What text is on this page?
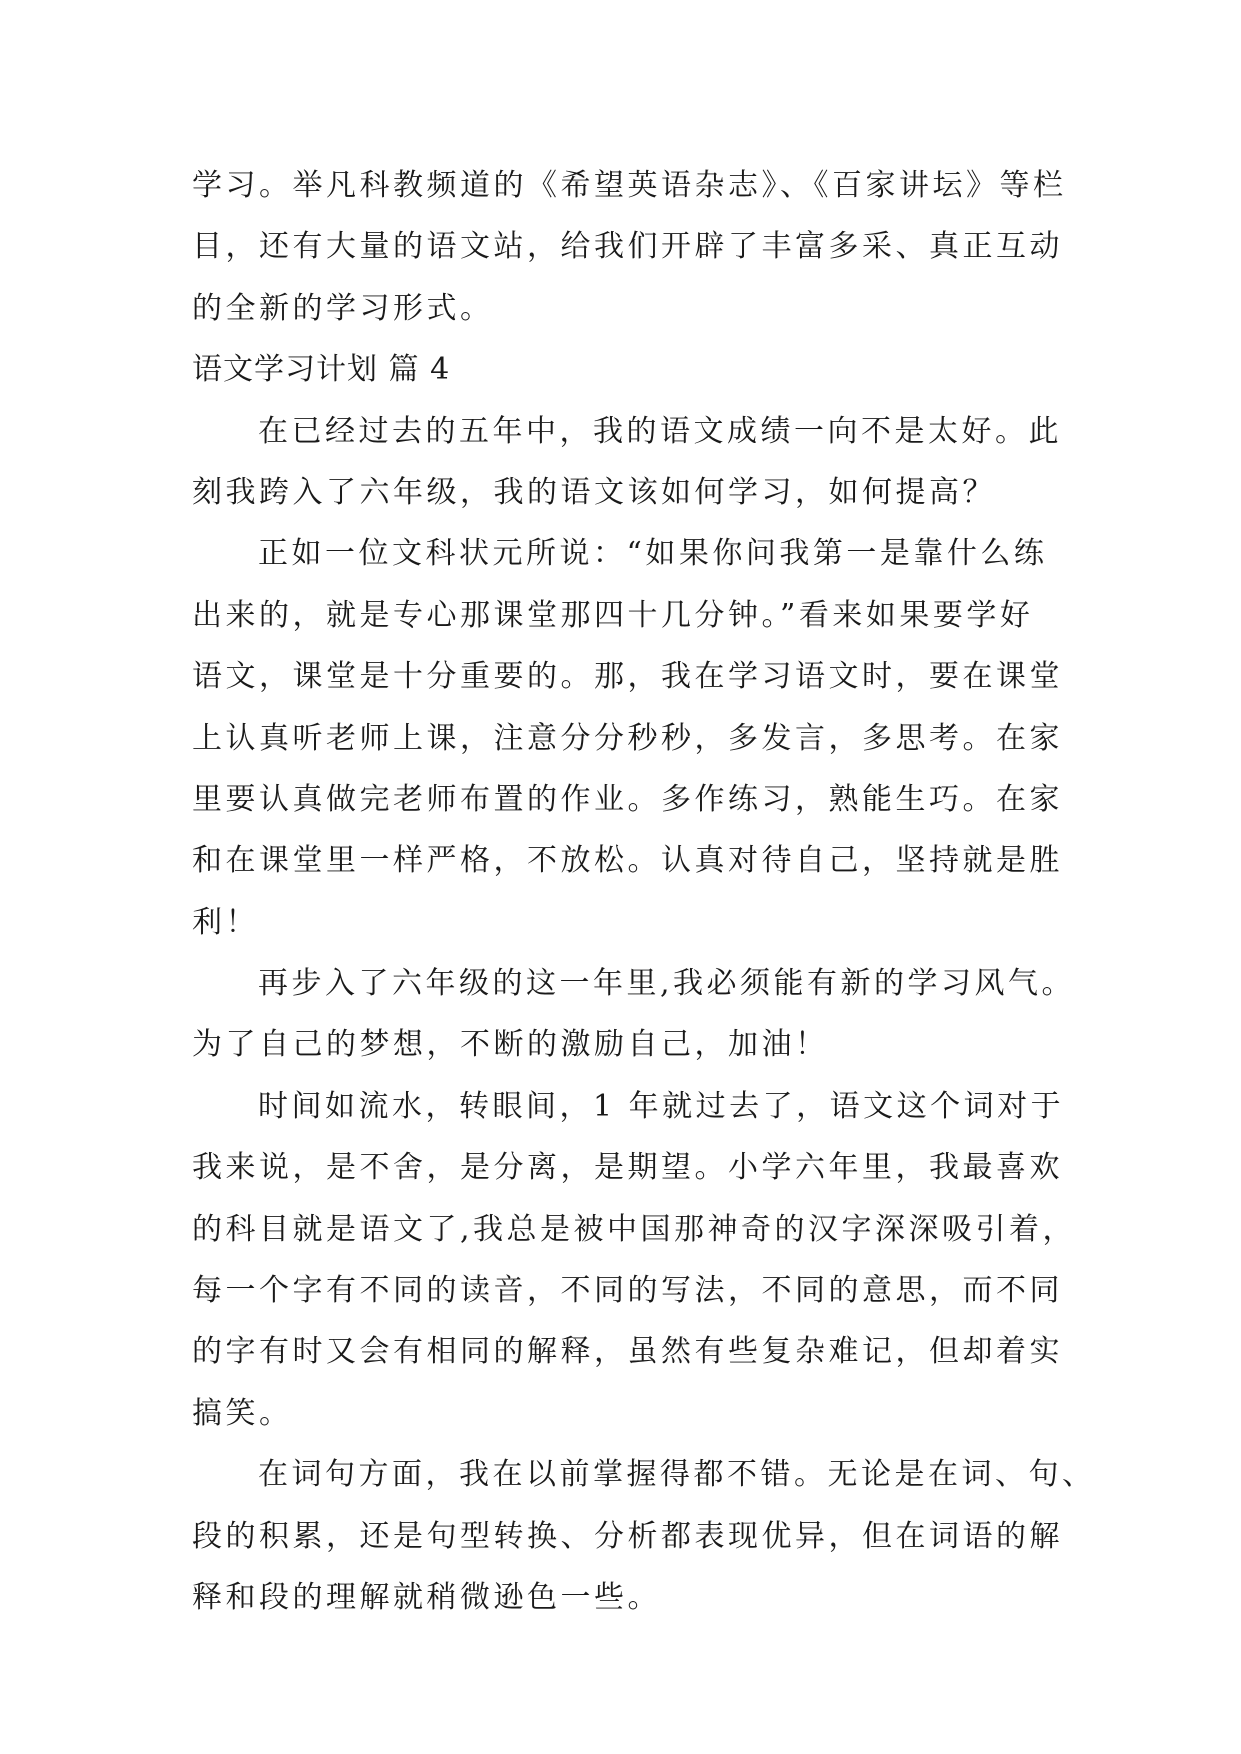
学习。举凡科教频道的《希望英语杂志》、《百家讲坛》等栏
目，还有大量的语文站，给我们开辟了丰富多采、真正互动
的全新的学习形式。
语文学习计划 篇 4
在已经过去的五年中，我的语文成绩一向不是太好。此
刻我跨入了六年级，我的语文该如何学习，如何提高？
正如一位文科状元所说：“如果你问我第一是靠什么练
出来的，就是专心那课堂那四十几分钟。”看来如果要学好
语文，课堂是十分重要的。那，我在学习语文时，要在课堂
上认真听老师上课，注意分分秒秒，多发言，多思考。在家
里要认真做完老师布置的作业。多作练习，熟能生巧。在家
和在课堂里一样严格，不放松。认真对待自己，坚持就是胜
利！
再步入了六年级的这一年里,我必须能有新的学习风气。
为了自己的梦想，不断的激励自己，加油！
时间如流水，转眼间，1 年就过去了，语文这个词对于
我来说，是不舍，是分离，是期望。小学六年里，我最喜欢
的科目就是语文了,我总是被中国那神奇的汉字深深吸引着，
每一个字有不同的读音，不同的写法，不同的意思，而不同
的字有时又会有相同的解释，虽然有些复杂难记，但却着实
搞笑。
在词句方面，我在以前掌握得都不错。无论是在词、句、
段的积累，还是句型转换、分析都表现优异，但在词语的解
释和段的理解就稍微逊色一些。
